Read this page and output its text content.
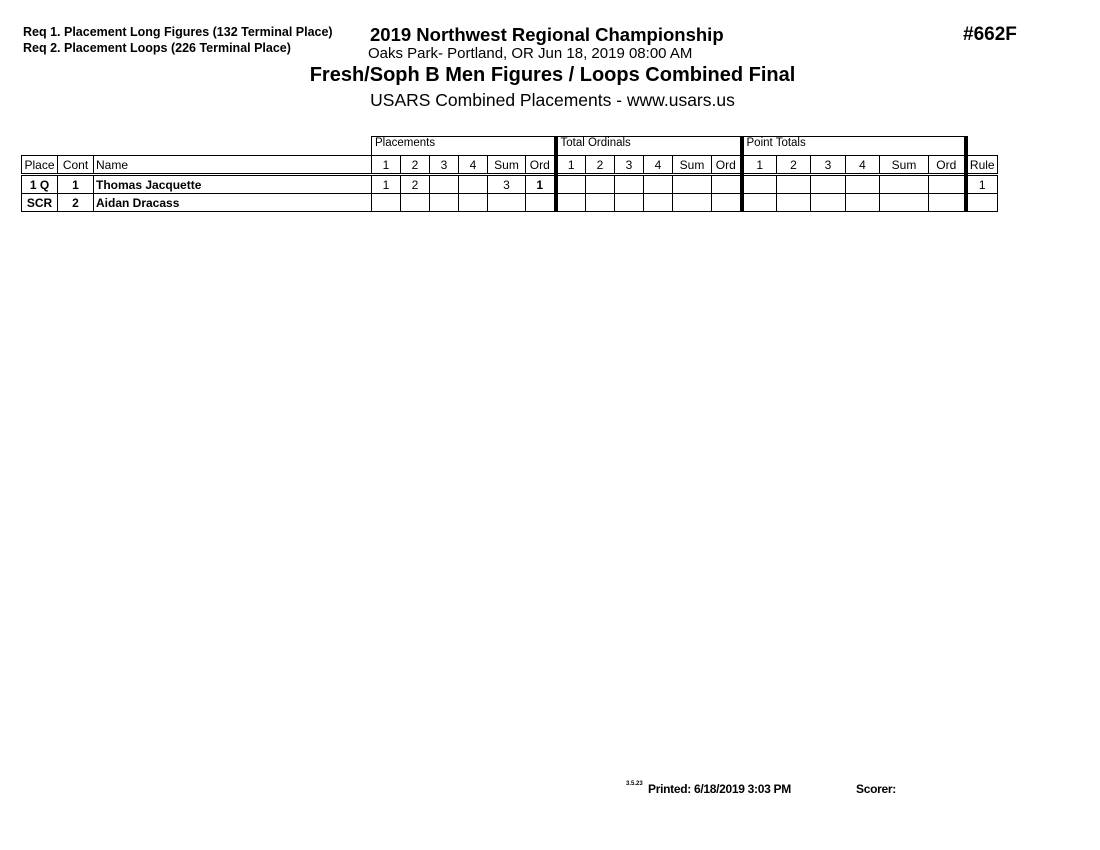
Req 1. Placement Long Figures (132 Terminal Place)
Req 2. Placement Loops (226 Terminal Place)
2019 Northwest Regional Championship
Oaks Park- Portland, OR Jun 18, 2019 08:00 AM
#662F
Fresh/Soph B Men Figures / Loops Combined Final
USARS Combined Placements - www.usars.us
			Placements						Total Ordinals						Point Totals						
Place	Cont	Name	1	2	3	4	Sum	Ord	1	2	3	4	Sum	Ord	1	2	3	4	Sum	Ord	Rule
1 Q	1	Thomas Jacquette	1	2			3	1													1
SCR	2	Aidan Dracass																			
3.5.23 Printed: 6/18/2019 3:03 PM	Scorer:
